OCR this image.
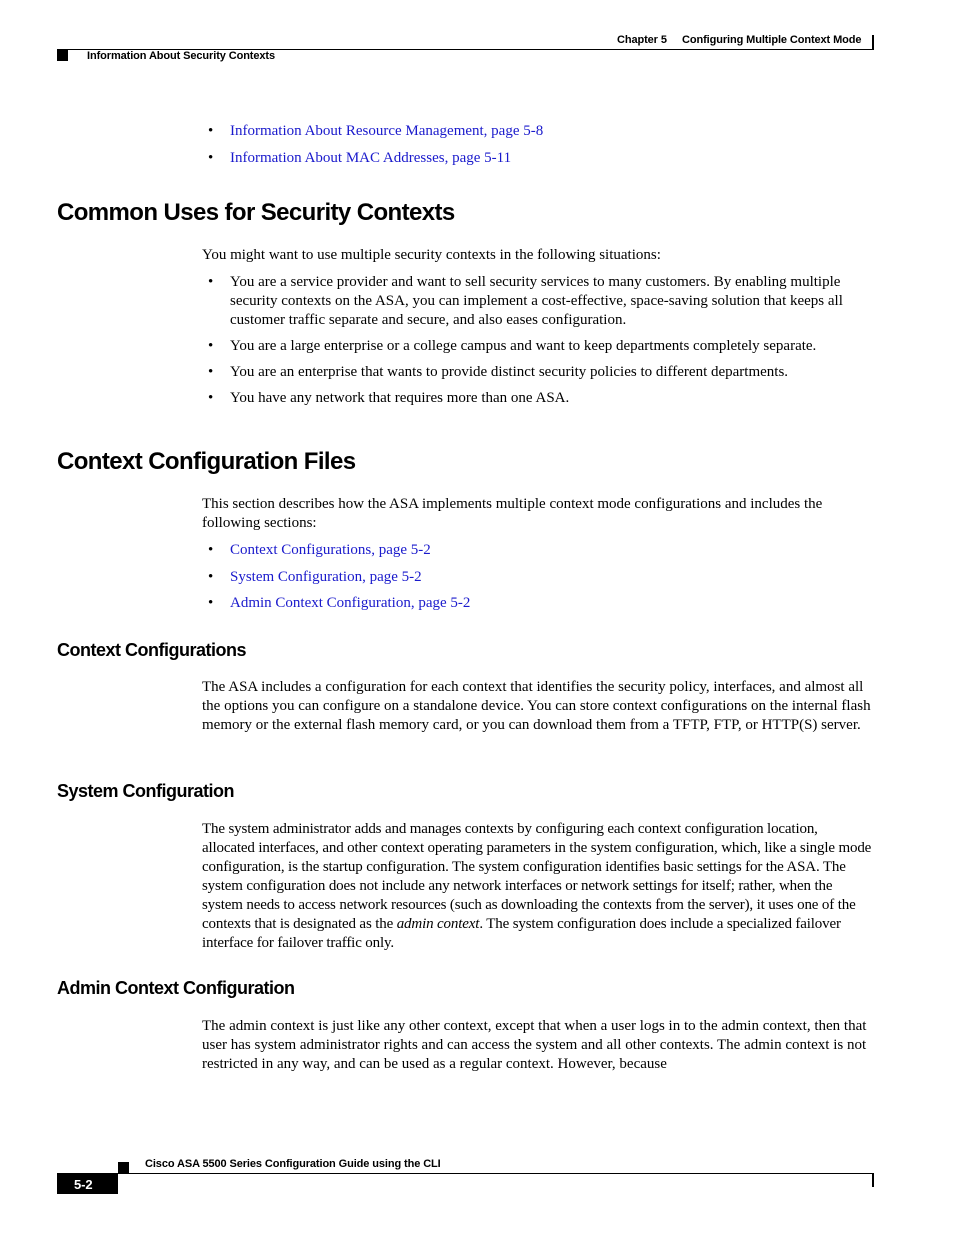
Chapter 5 Configuring Multiple Context Mode
Information About Security Contexts
• Information About Resource Management, page 5-8
• Information About MAC Addresses, page 5-11
Common Uses for Security Contexts
You might want to use multiple security contexts in the following situations:
• You are a service provider and want to sell security services to many customers. By enabling multiple security contexts on the ASA, you can implement a cost-effective, space-saving solution that keeps all customer traffic separate and secure, and also eases configuration.
• You are a large enterprise or a college campus and want to keep departments completely separate.
• You are an enterprise that wants to provide distinct security policies to different departments.
• You have any network that requires more than one ASA.
Context Configuration Files
This section describes how the ASA implements multiple context mode configurations and includes the following sections:
• Context Configurations, page 5-2
• System Configuration, page 5-2
• Admin Context Configuration, page 5-2
Context Configurations
The ASA includes a configuration for each context that identifies the security policy, interfaces, and almost all the options you can configure on a standalone device. You can store context configurations on the internal flash memory or the external flash memory card, or you can download them from a TFTP, FTP, or HTTP(S) server.
System Configuration
The system administrator adds and manages contexts by configuring each context configuration location, allocated interfaces, and other context operating parameters in the system configuration, which, like a single mode configuration, is the startup configuration. The system configuration identifies basic settings for the ASA. The system configuration does not include any network interfaces or network settings for itself; rather, when the system needs to access network resources (such as downloading the contexts from the server), it uses one of the contexts that is designated as the admin context. The system configuration does include a specialized failover interface for failover traffic only.
Admin Context Configuration
The admin context is just like any other context, except that when a user logs in to the admin context, then that user has system administrator rights and can access the system and all other contexts. The admin context is not restricted in any way, and can be used as a regular context. However, because
Cisco ASA 5500 Series Configuration Guide using the CLI
5-2
